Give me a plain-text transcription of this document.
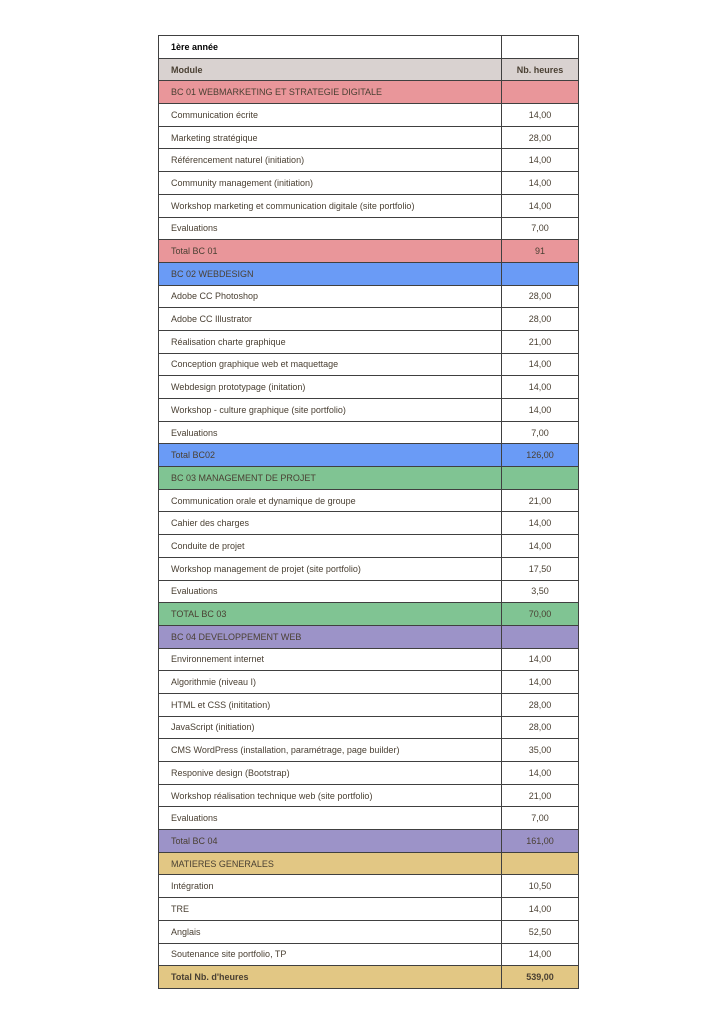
1ère année	
Module	Nb. heures
BC 01 WEBMARKETING ET STRATEGIE DIGITALE	
Communication écrite	14,00
Marketing stratégique	28,00
Référencement naturel (initiation)	14,00
Community management (initiation)	14,00
Workshop marketing et communication digitale (site portfolio)	14,00
Evaluations	7,00
Total BC 01	91
BC 02 WEBDESIGN	
Adobe CC Photoshop	28,00
Adobe CC Illustrator	28,00
Réalisation charte graphique	21,00
Conception graphique web et maquettage	14,00
Webdesign prototypage (initation)	14,00
Workshop - culture graphique (site portfolio)	14,00
Evaluations	7,00
Total BC02	126,00
BC 03 MANAGEMENT DE PROJET	
Communication orale et dynamique de groupe	21,00
Cahier des charges	14,00
Conduite de projet	14,00
Workshop management de projet (site portfolio)	17,50
Evaluations	3,50
TOTAL BC 03	70,00
BC 04 DEVELOPPEMENT WEB	
Environnement internet	14,00
Algorithmie (niveau I)	14,00
HTML et CSS (inititation)	28,00
JavaScript (initiation)	28,00
CMS WordPress (installation, paramétrage, page builder)	35,00
Responive design (Bootstrap)	14,00
Workshop réalisation technique web (site portfolio)	21,00
Evaluations	7,00
Total BC 04	161,00
MATIERES GENERALES	
Intégration	10,50
TRE	14,00
Anglais	52,50
Soutenance site portfolio, TP	14,00
Total Nb. d'heures	539,00
